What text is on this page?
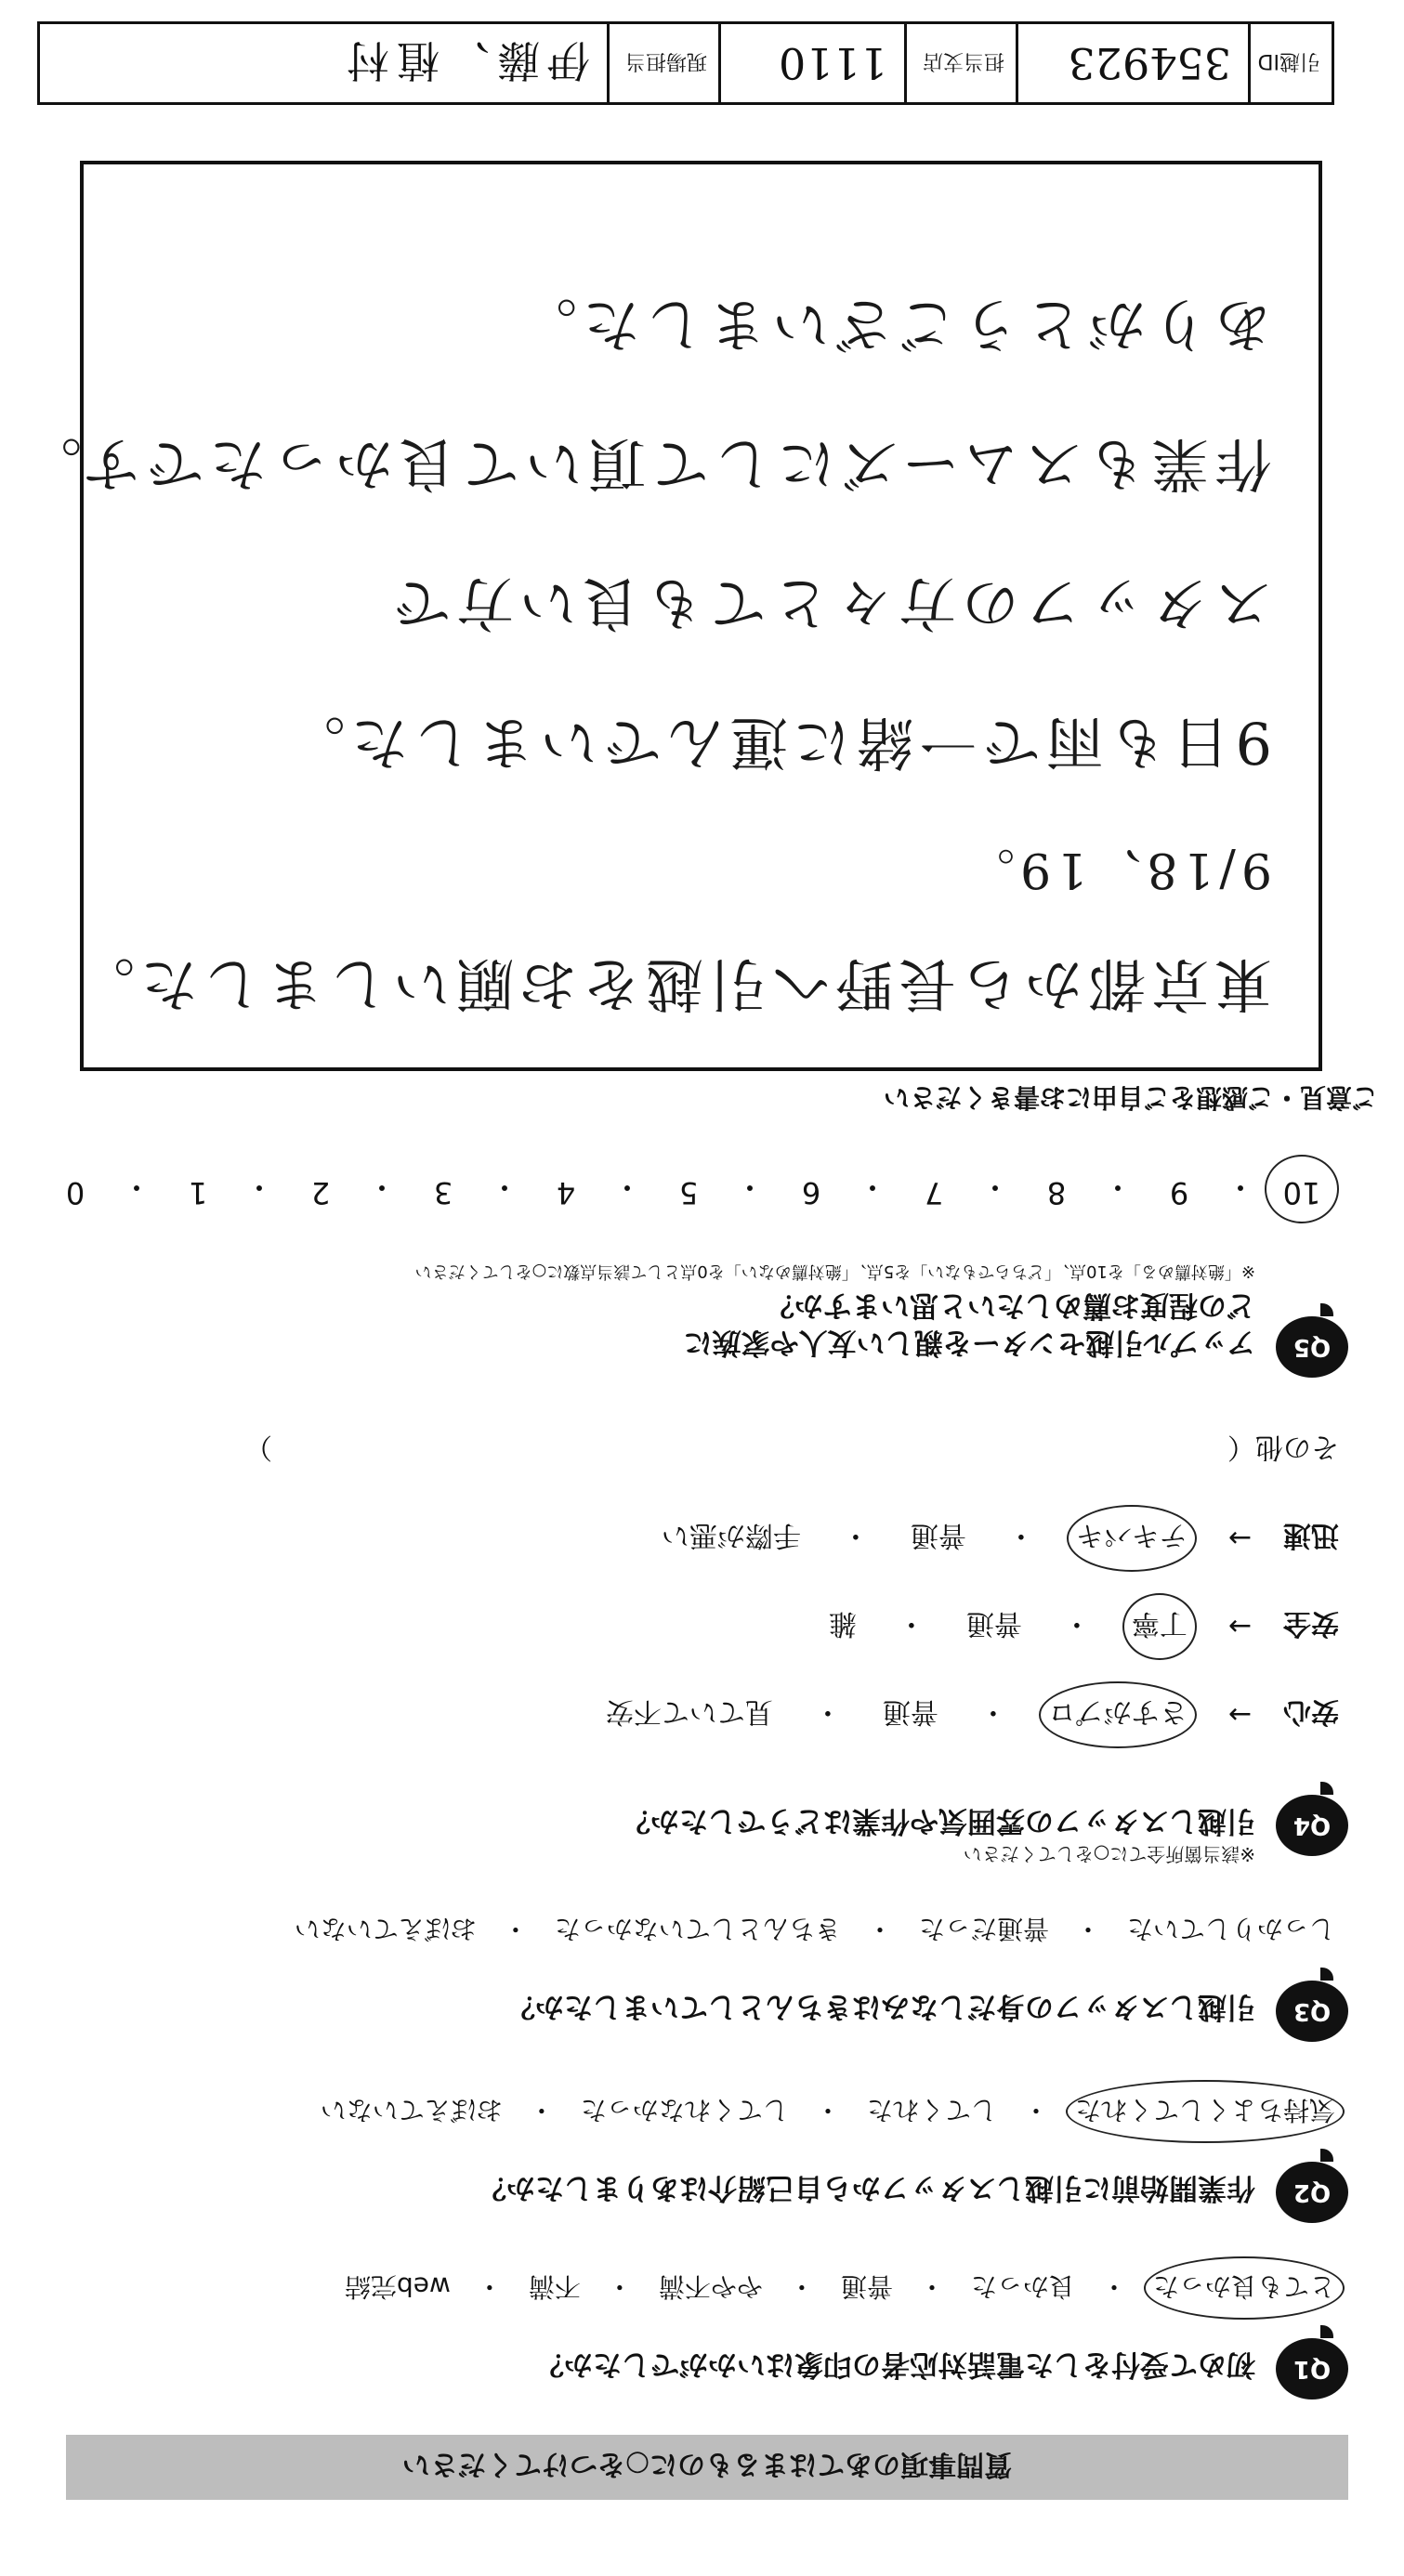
質問事項のあてはまるものに○をつけてください
Q1
初めて受付をした電話対応者の印象はいかがでしたか？
とても良かった
・
良かった
・
普通
・
やや不満
・
不満
・
web完結
Q2
作業開始前に引越しスタッフから自己紹介はありましたか？
気持ちよくしてくれた
・
してくれた
・
してくれなかった
・
おぼえていない
Q3
引越しスタッフの身だしなみはきちんとしていましたか？
しっかりしていた
・
普通だった
・
きちんとしていなかった
・
おぼえていない
Q4
引越しスタッフの雰囲気や作業はどうでしたか？
※該当箇所全てに○をしてください
安心
→
さすがプロ
　・　
普通
　・　
見ていて不安
安全
→
丁寧
　・　
普通
　・　
雑
迅速
→
テキパキ
　・　
普通
　・　
手際が悪い
その他（
）
Q5
アップル引越センターを親しい友人や家族に
どの程度お薦めしたいと思いますか？
※「絶対薦める」を10点、「どちらでもない」を5点、「絶対薦めない」を0点として該当点数に○をしてください
10
・
9
・
8
・
7
・
6
・
5
・
4
・
3
・
2
・
1
・
0
ご意見・ご感想をご自由にお書きください
東京都から長野へ引越をお願いしました。
9/18、19。
9日も雨で一緒に運んでいました。
スタッフの方々とても良い方で
作業もスムーズにして頂いて良かったです。
ありがとうございました。
引越ID
354923
担当支店
1110
現場担当
伊藤、植村
